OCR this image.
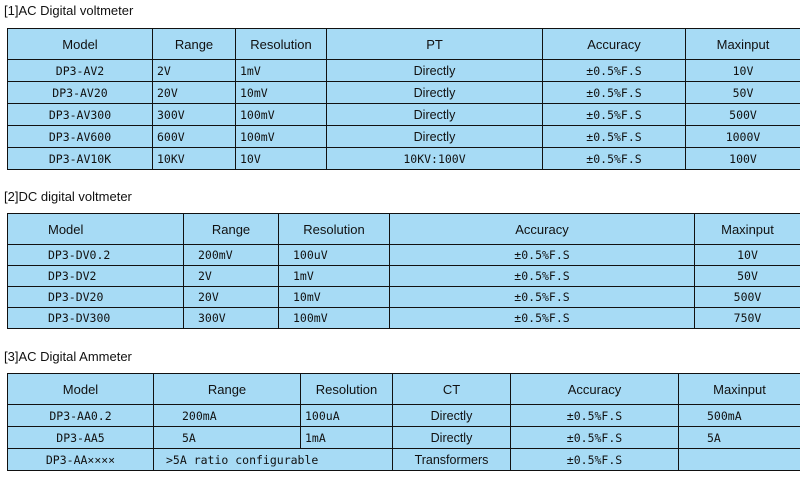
[1]AC Digital voltmeter
Model	Range	Resolution	PT	Accuracy	Maxinput
DP3-AV2	2V	1mV	Directly	±0.5%F.S	10V
DP3-AV20	20V	10mV	Directly	±0.5%F.S	50V
DP3-AV300	300V	100mV	Directly	±0.5%F.S	500V
DP3-AV600	600V	100mV	Directly	±0.5%F.S	1000V
DP3-AV10K	10KV	10V	10KV:100V	±0.5%F.S	100V
[2]DC digital voltmeter
Model	Range	Resolution	Accuracy	Maxinput
DP3-DV0.2	200mV	100uV	±0.5%F.S	10V
DP3-DV2	2V	1mV	±0.5%F.S	50V
DP3-DV20	20V	10mV	±0.5%F.S	500V
DP3-DV300	300V	100mV	±0.5%F.S	750V
[3]AC Digital Ammeter
Model	Range	Resolution	CT	Accuracy	Maxinput
DP3-AA0.2	200mA	100uA	Directly	±0.5%F.S	500mA
DP3-AA5	5A	1mA	Directly	±0.5%F.S	5A
DP3-AA××××	>5A ratio configurable		Transformers	±0.5%F.S	
